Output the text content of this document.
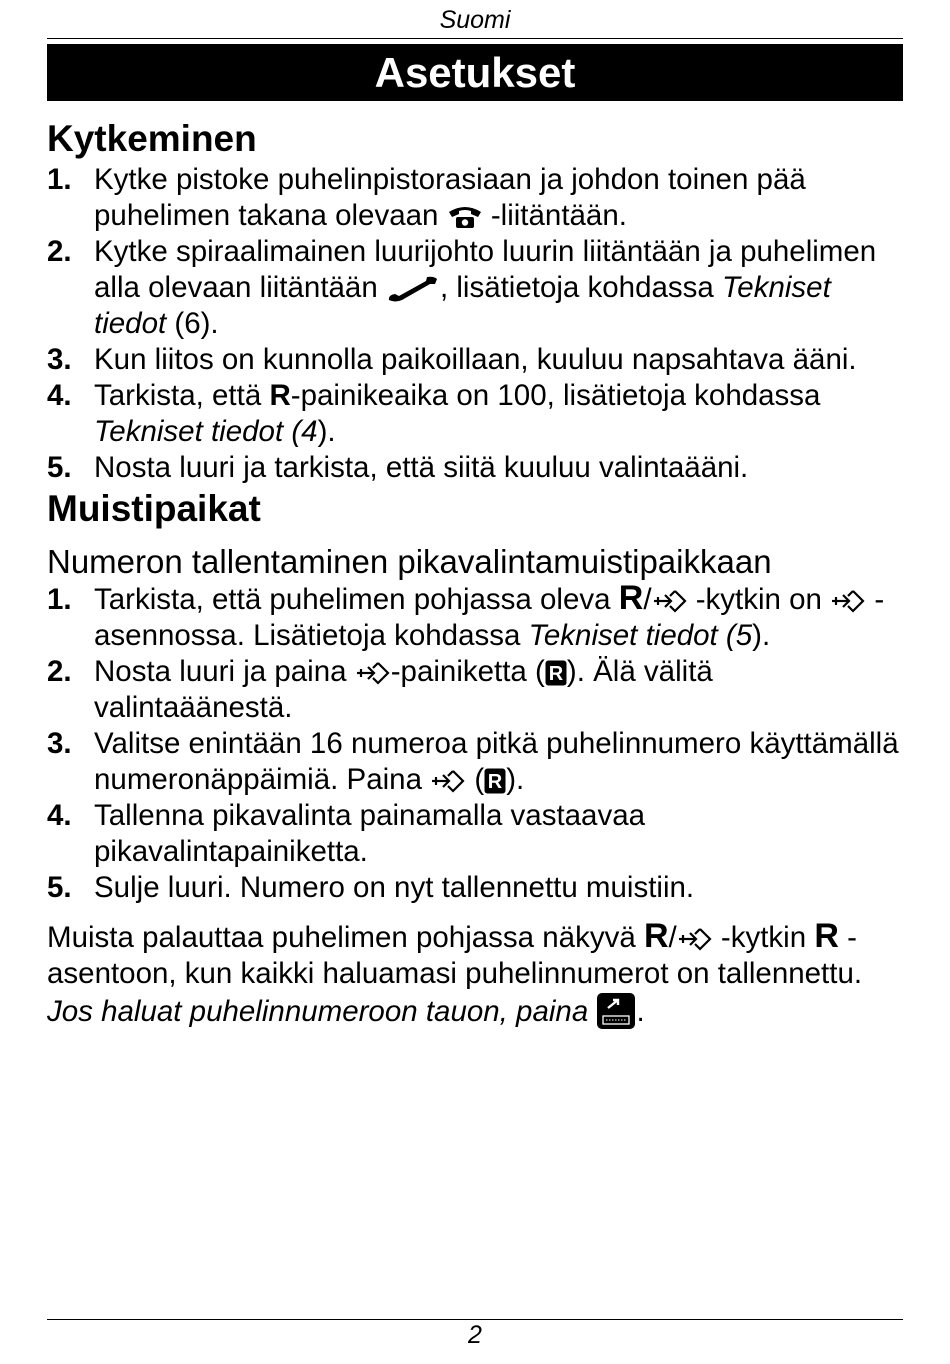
Suomi
Asetukset
Kytkeminen
1. Kytke pistoke puhelinpistorasiaan ja johdon toinen pää puhelimen takana olevaan  -liitäntään.
2. Kytke spiraalimainen luurijohto luurin liitäntään ja puhelimen alla olevaan liitäntään , lisätietoja kohdassa Tekniset tiedot (6).
3. Kun liitos on kunnolla paikoillaan, kuuluu napsahtava ääni.
4. Tarkista, että R-painikeaika on 100, lisätietoja kohdassa Tekniset tiedot (4).
5. Nosta luuri ja tarkista, että siitä kuuluu valintaääni.
Muistipaikat
Numeron tallentaminen pikavalintamuistipaikkaan
1. Tarkista, että puhelimen pohjassa oleva R/ -kytkin on  -asennossa. Lisätietoja kohdassa Tekniset tiedot (5).
2. Nosta luuri ja paina -painiketta ( R ). Älä välitä valintaäänestä.
3. Valitse enintään 16 numeroa pitkä puhelinnumero käyttämällä numeronäppäimiä. Paina  ( R ).
4. Tallenna pikavalinta painamalla vastaavaa pikavalintapainiketta.
5. Sulje luuri. Numero on nyt tallennettu muistiin.
Muista palauttaa puhelimen pohjassa näkyvä R/ -kytkin R -asentoon, kun kaikki haluamasi puhelinnumerot on tallennettu.
Jos haluat puhelinnumeroon tauon, paina .
2
